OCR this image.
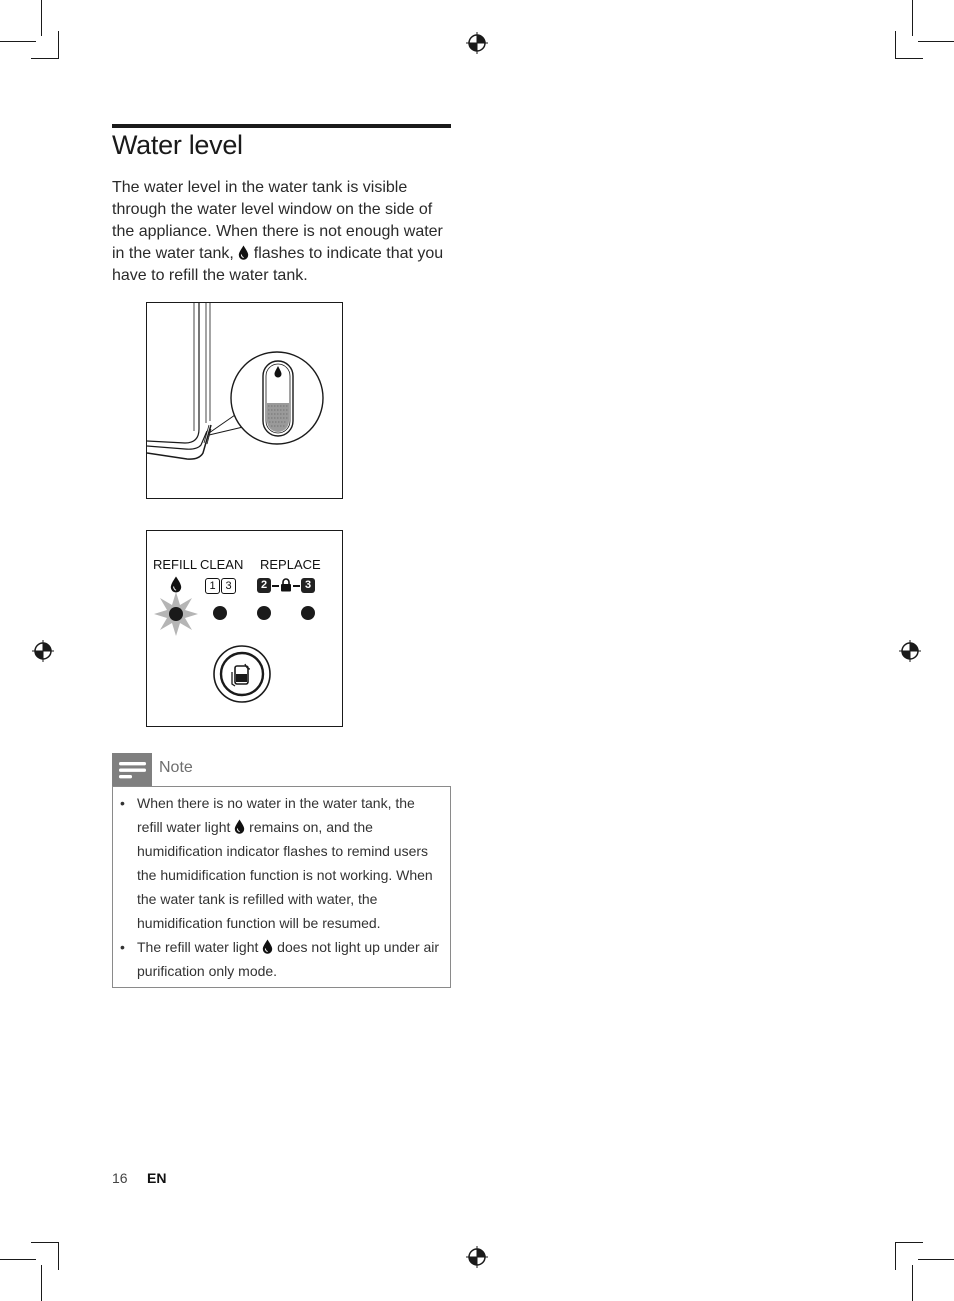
Water level

The water level in the water tank is visible through the water level window on the side of the appliance. When there is not enough water in the water tank,  flashes to indicate that you have to refill the water tank.

REFILL CLEAN REPLACE
1 3	2	3
Note
• When there is no water in the water tank, the refill water light  remains on, and the humidification indicator flashes to remind users the humidification function is not working. When the water tank is refilled with water, the humidification function will be resumed.
• The refill water light  does not light up under air purification only mode.
16 EN
